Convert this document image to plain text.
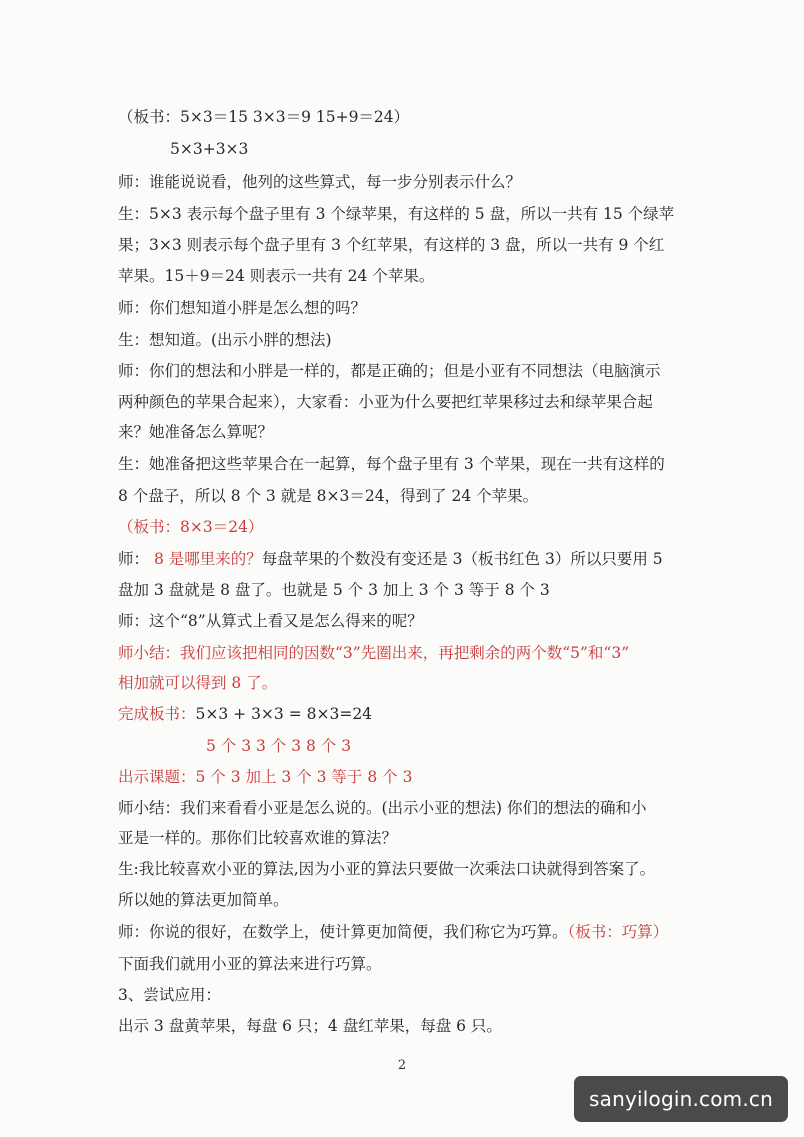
（板书：5×3＝15 3×3＝9 15+9＝24）
5×3+3×3
师：谁能说说看，他列的这些算式，每一步分别表示什么？
生：5×3 表示每个盘子里有 3 个绿苹果，有这样的 5 盘，所以一共有 15 个绿苹
果；3×3 则表示每个盘子里有 3 个红苹果，有这样的 3 盘，所以一共有 9 个红
苹果。15＋9＝24 则表示一共有 24 个苹果。
师：你们想知道小胖是怎么想的吗？
生：想知道。(出示小胖的想法)
师：你们的想法和小胖是一样的，都是正确的；但是小亚有不同想法（电脑演示
两种颜色的苹果合起来），大家看：小亚为什么要把红苹果移过去和绿苹果合起
来？她准备怎么算呢？
生：她准备把这些苹果合在一起算，每个盘子里有 3 个苹果，现在一共有这样的
8 个盘子，所以 8 个 3 就是 8×3＝24，得到了 24 个苹果。
（板书：8×3＝24）
师： 8 是哪里来的？每盘苹果的个数没有变还是 3（板书红色 3）所以只要用 5
盘加 3 盘就是 8 盘了。也就是 5 个 3 加上 3 个 3 等于 8 个 3
师：这个“8”从算式上看又是怎么得来的呢？
师小结：我们应该把相同的因数“3”先圈出来，再把剩余的两个数“5”和“3”
相加就可以得到 8 了。
完成板书：5×3 + 3×3 = 8×3=24
5 个 3 3 个 3 8 个 3
出示课题：5 个 3 加上 3 个 3 等于 8 个 3
师小结：我们来看看小亚是怎么说的。(出示小亚的想法) 你们的想法的确和小
亚是一样的。那你们比较喜欢谁的算法？
生:我比较喜欢小亚的算法,因为小亚的算法只要做一次乘法口诀就得到答案了。
所以她的算法更加简单。
师：你说的很好，在数学上，使计算更加简便，我们称它为巧算。（板书：巧算）
下面我们就用小亚的算法来进行巧算。
3、尝试应用：
出示 3 盘黄苹果，每盘 6 只；4 盘红苹果，每盘 6 只。
2
sanyilogin.com.cn
